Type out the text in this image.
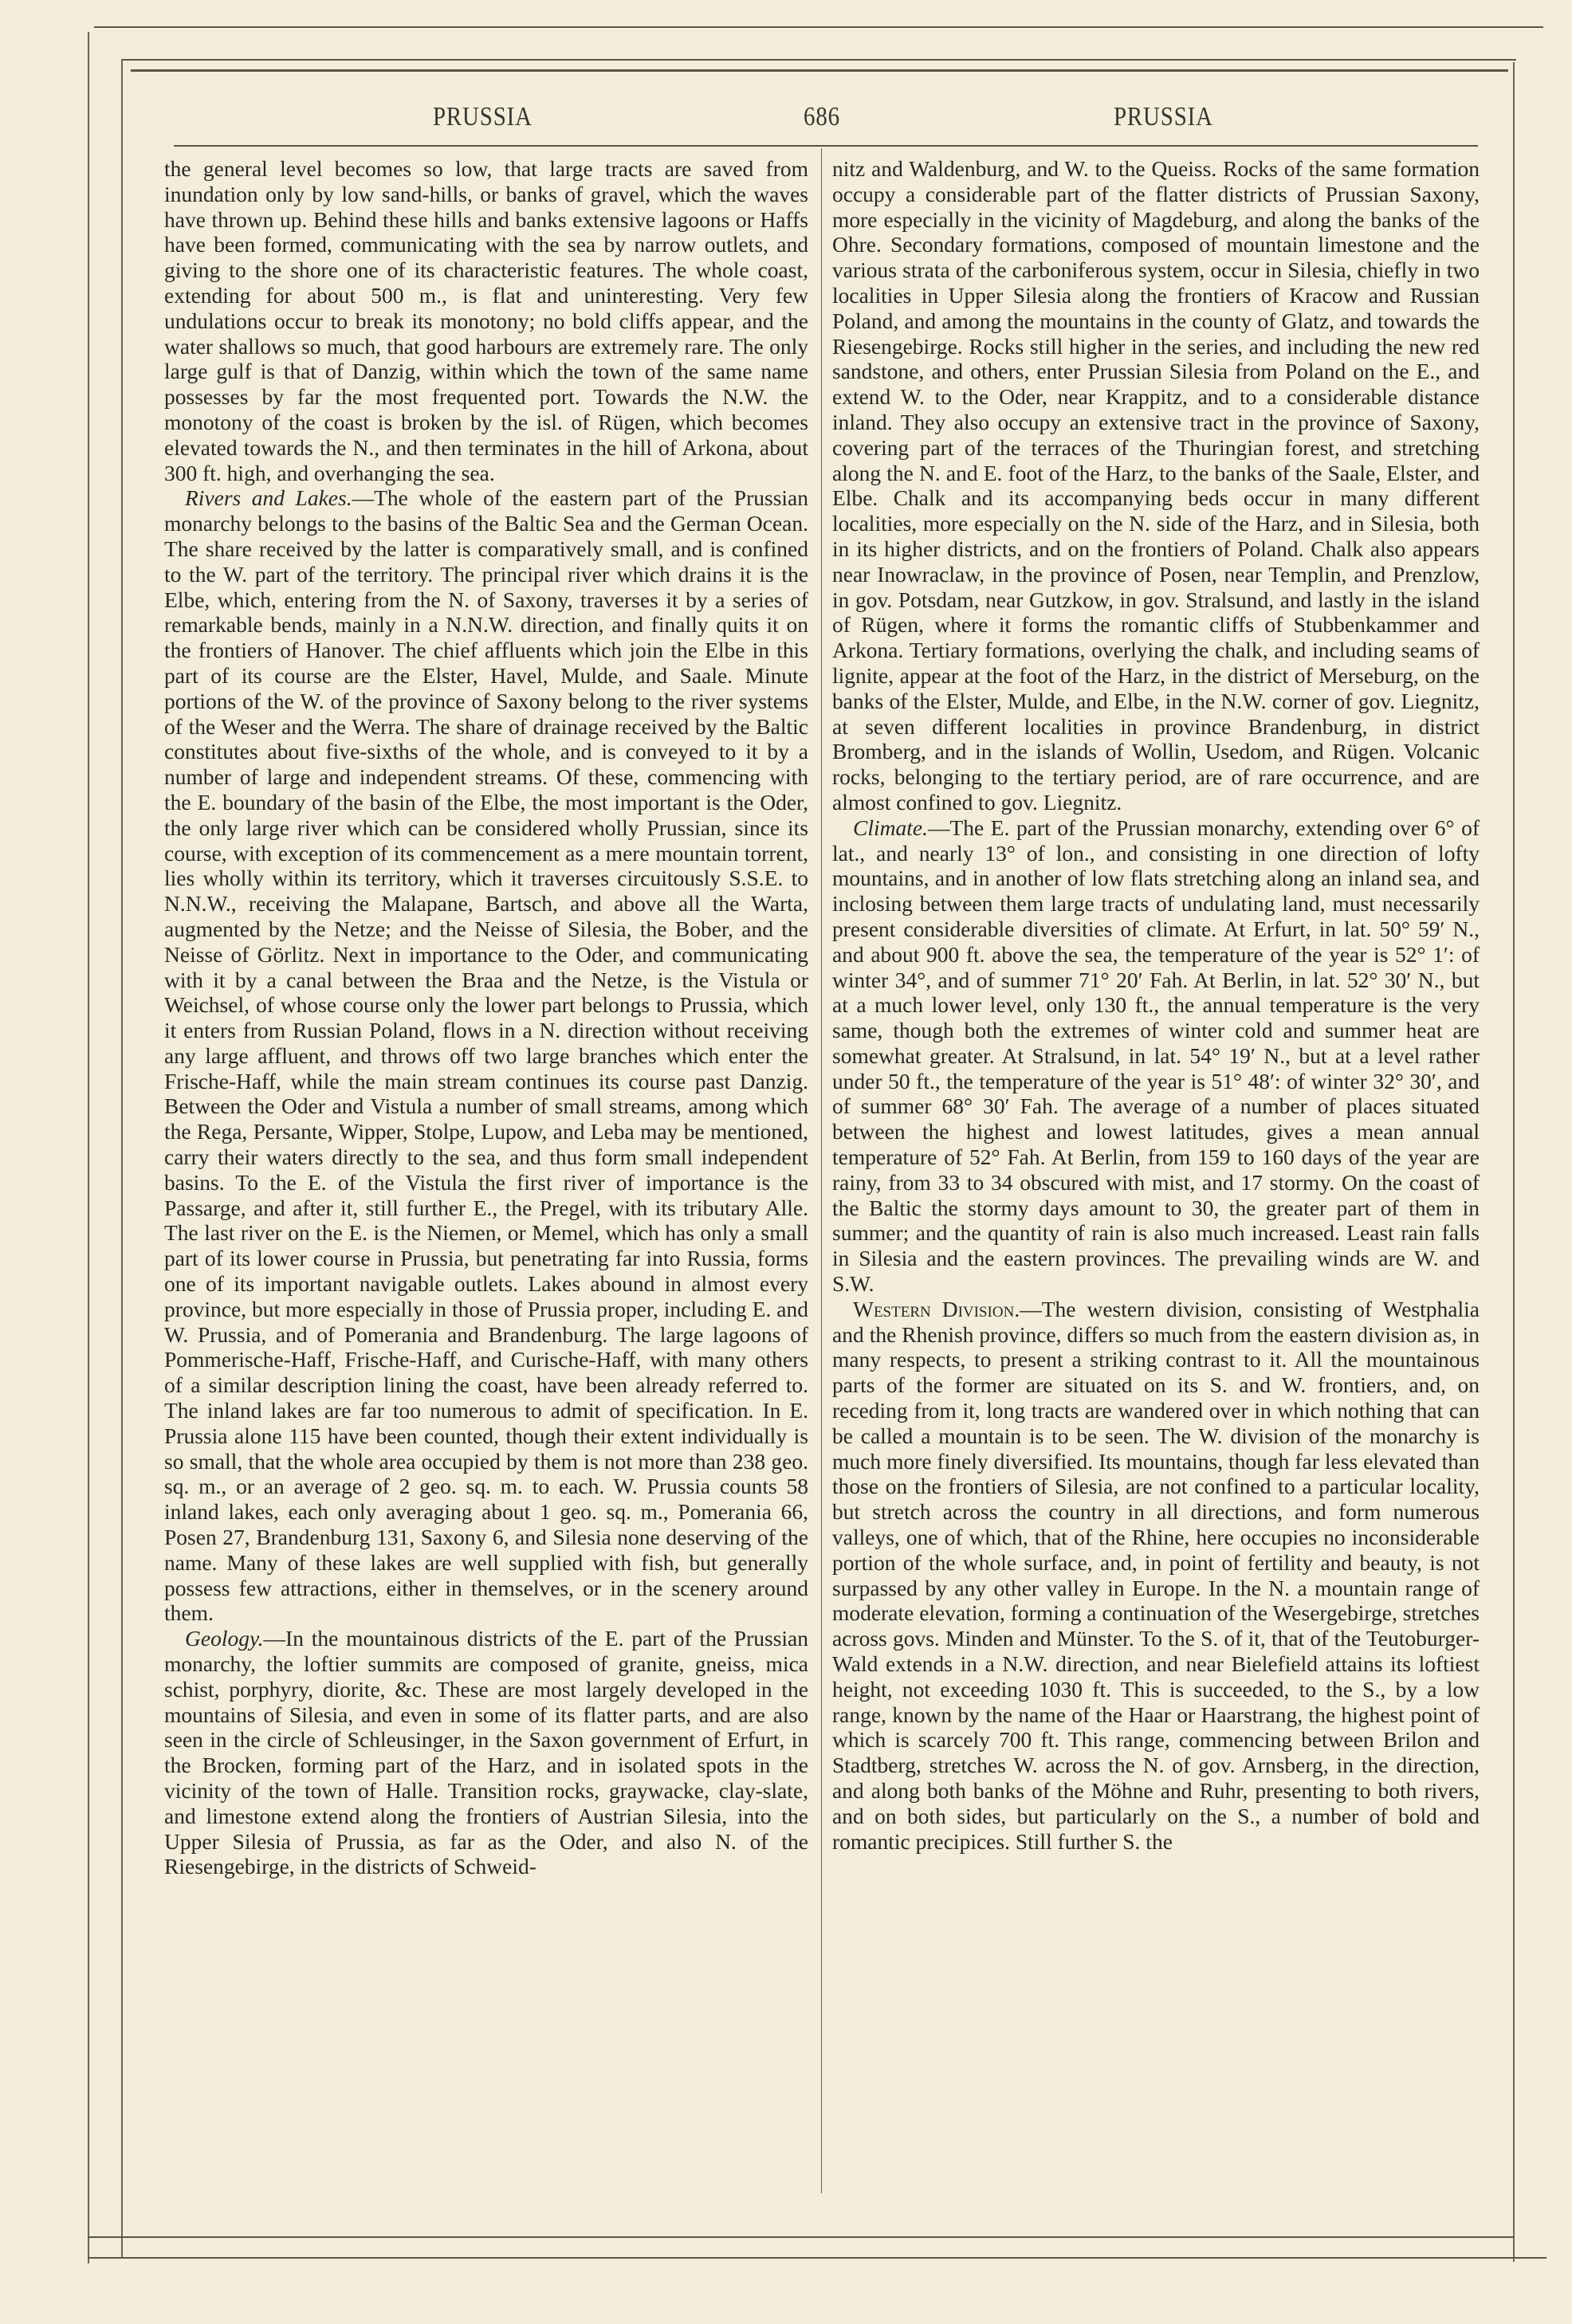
PRUSSIA	686	PRUSSIA

the general level becomes so low, that large tracts are saved from inundation only by low sand-hills, or banks of gravel, which the waves have thrown up. Behind these hills and banks extensive lagoons or Haffs have been formed, communicating with the sea by narrow outlets, and giving to the shore one of its characteristic features. The whole coast, extending for about 500 m., is flat and uninteresting. Very few undulations occur to break its monotony; no bold cliffs appear, and the water shallows so much, that good harbours are extremely rare. The only large gulf is that of Danzig, within which the town of the same name possesses by far the most frequented port. Towards the N.W. the monotony of the coast is broken by the isl. of Rügen, which becomes elevated towards the N., and then terminates in the hill of Arkona, about 300 ft. high, and overhanging the sea.

Rivers and Lakes.—The whole of the eastern part of the Prussian monarchy belongs to the basins of the Baltic Sea and the German Ocean. The share received by the latter is comparatively small, and is confined to the W. part of the territory. The principal river which drains it is the Elbe, which, entering from the N. of Saxony, traverses it by a series of remarkable bends, mainly in a N.N.W. direction, and finally quits it on the frontiers of Hanover. The chief affluents which join the Elbe in this part of its course are the Elster, Havel, Mulde, and Saale. Minute portions of the W. of the province of Saxony belong to the river systems of the Weser and the Werra. The share of drainage received by the Baltic constitutes about five-sixths of the whole, and is conveyed to it by a number of large and independent streams. Of these, commencing with the E. boundary of the basin of the Elbe, the most important is the Oder, the only large river which can be considered wholly Prussian, since its course, with exception of its commencement as a mere mountain torrent, lies wholly within its territory, which it traverses circuitously S.S.E. to N.N.W., receiving the Malapane, Bartsch, and above all the Warta, augmented by the Netze; and the Neisse of Silesia, the Bober, and the Neisse of Görlitz. Next in importance to the Oder, and communicating with it by a canal between the Braa and the Netze, is the Vistula or Weichsel, of whose course only the lower part belongs to Prussia, which it enters from Russian Poland, flows in a N. direction without receiving any large affluent, and throws off two large branches which enter the Frische-Haff, while the main stream continues its course past Danzig. Between the Oder and Vistula a number of small streams, among which the Rega, Persante, Wipper, Stolpe, Lupow, and Leba may be mentioned, carry their waters directly to the sea, and thus form small independent basins. To the E. of the Vistula the first river of importance is the Passarge, and after it, still further E., the Pregel, with its tributary Alle. The last river on the E. is the Niemen, or Memel, which has only a small part of its lower course in Prussia, but penetrating far into Russia, forms one of its important navigable outlets. Lakes abound in almost every province, but more especially in those of Prussia proper, including E. and W. Prussia, and of Pomerania and Brandenburg. The large lagoons of Pommerische-Haff, Frische-Haff, and Curische-Haff, with many others of a similar description lining the coast, have been already referred to. The inland lakes are far too numerous to admit of specification. In E. Prussia alone 115 have been counted, though their extent individually is so small, that the whole area occupied by them is not more than 238 geo. sq. m., or an average of 2 geo. sq. m. to each. W. Prussia counts 58 inland lakes, each only averaging about 1 geo. sq. m., Pomerania 66, Posen 27, Brandenburg 131, Saxony 6, and Silesia none deserving of the name. Many of these lakes are well supplied with fish, but generally possess few attractions, either in themselves, or in the scenery around them.

Geology.—In the mountainous districts of the E. part of the Prussian monarchy, the loftier summits are composed of granite, gneiss, mica schist, porphyry, diorite, &c. These are most largely developed in the mountains of Silesia, and even in some of its flatter parts, and are also seen in the circle of Schleusinger, in the Saxon government of Erfurt, in the Brocken, forming part of the Harz, and in isolated spots in the vicinity of the town of Halle. Transition rocks, graywacke, clay-slate, and limestone extend along the frontiers of Austrian Silesia, into the Upper Silesia of Prussia, as far as the Oder, and also N. of the Riesengebirge, in the districts of Schweid-

nitz and Waldenburg, and W. to the Queiss. Rocks of the same formation occupy a considerable part of the flatter districts of Prussian Saxony, more especially in the vicinity of Magdeburg, and along the banks of the Ohre. Secondary formations, composed of mountain limestone and the various strata of the carboniferous system, occur in Silesia, chiefly in two localities in Upper Silesia along the frontiers of Kracow and Russian Poland, and among the mountains in the county of Glatz, and towards the Riesengebirge. Rocks still higher in the series, and including the new red sandstone, and others, enter Prussian Silesia from Poland on the E., and extend W. to the Oder, near Krappitz, and to a considerable distance inland. They also occupy an extensive tract in the province of Saxony, covering part of the terraces of the Thuringian forest, and stretching along the N. and E. foot of the Harz, to the banks of the Saale, Elster, and Elbe. Chalk and its accompanying beds occur in many different localities, more especially on the N. side of the Harz, and in Silesia, both in its higher districts, and on the frontiers of Poland. Chalk also appears near Inowraclaw, in the province of Posen, near Templin, and Prenzlow, in gov. Potsdam, near Gutzkow, in gov. Stralsund, and lastly in the island of Rügen, where it forms the romantic cliffs of Stubbenkammer and Arkona. Tertiary formations, overlying the chalk, and including seams of lignite, appear at the foot of the Harz, in the district of Merseburg, on the banks of the Elster, Mulde, and Elbe, in the N.W. corner of gov. Liegnitz, at seven different localities in province Brandenburg, in district Bromberg, and in the islands of Wollin, Usedom, and Rügen. Volcanic rocks, belonging to the tertiary period, are of rare occurrence, and are almost confined to gov. Liegnitz.

Climate.—The E. part of the Prussian monarchy, extending over 6° of lat., and nearly 13° of lon., and consisting in one direction of lofty mountains, and in another of low flats stretching along an inland sea, and inclosing between them large tracts of undulating land, must necessarily present considerable diversities of climate. At Erfurt, in lat. 50° 59′ N., and about 900 ft. above the sea, the temperature of the year is 52° 1′: of winter 34°, and of summer 71° 20′ Fah. At Berlin, in lat. 52° 30′ N., but at a much lower level, only 130 ft., the annual temperature is the very same, though both the extremes of winter cold and summer heat are somewhat greater. At Stralsund, in lat. 54° 19′ N., but at a level rather under 50 ft., the temperature of the year is 51° 48′: of winter 32° 30′, and of summer 68° 30′ Fah. The average of a number of places situated between the highest and lowest latitudes, gives a mean annual temperature of 52° Fah. At Berlin, from 159 to 160 days of the year are rainy, from 33 to 34 obscured with mist, and 17 stormy. On the coast of the Baltic the stormy days amount to 30, the greater part of them in summer; and the quantity of rain is also much increased. Least rain falls in Silesia and the eastern provinces. The prevailing winds are W. and S.W.

Western Division.—The western division, consisting of Westphalia and the Rhenish province, differs so much from the eastern division as, in many respects, to present a striking contrast to it. All the mountainous parts of the former are situated on its S. and W. frontiers, and, on receding from it, long tracts are wandered over in which nothing that can be called a mountain is to be seen. The W. division of the monarchy is much more finely diversified. Its mountains, though far less elevated than those on the frontiers of Silesia, are not confined to a particular locality, but stretch across the country in all directions, and form numerous valleys, one of which, that of the Rhine, here occupies no inconsiderable portion of the whole surface, and, in point of fertility and beauty, is not surpassed by any other valley in Europe. In the N. a mountain range of moderate elevation, forming a continuation of the Wesergebirge, stretches across govs. Minden and Münster. To the S. of it, that of the Teutoburger-Wald extends in a N.W. direction, and near Bielefield attains its loftiest height, not exceeding 1030 ft. This is succeeded, to the S., by a low range, known by the name of the Haar or Haarstrang, the highest point of which is scarcely 700 ft. This range, commencing between Brilon and Stadtberg, stretches W. across the N. of gov. Arnsberg, in the direction, and along both banks of the Möhne and Ruhr, presenting to both rivers, and on both sides, but particularly on the S., a number of bold and romantic precipices. Still further S. the
